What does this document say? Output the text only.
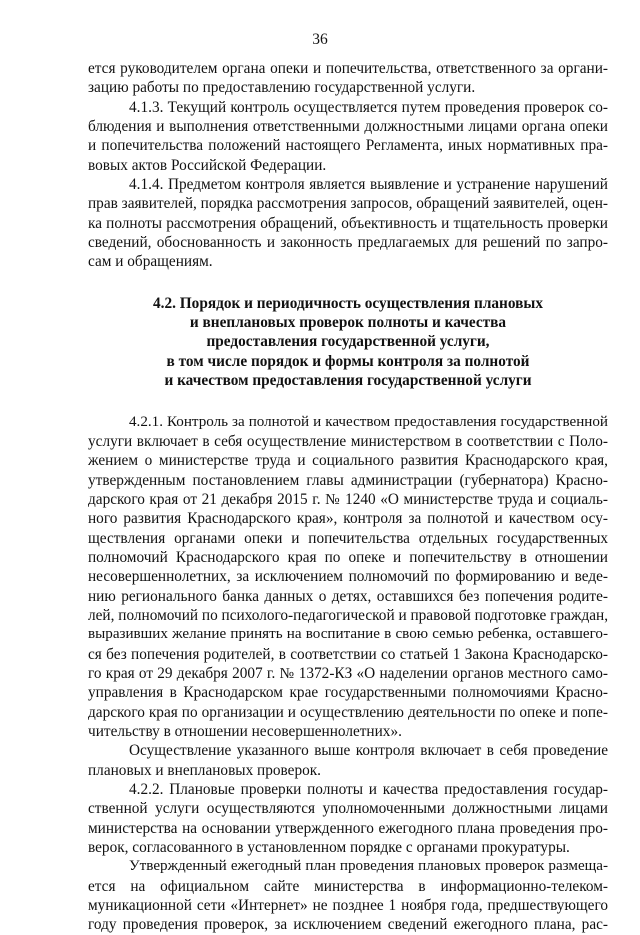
36
ется руководителем органа опеки и попечительства, ответственного за органи-
зацию работы по предоставлению государственной услуги.
4.1.3. Текущий контроль осуществляется путем проведения проверок со-
блюдения и выполнения ответственными должностными лицами органа опеки
и попечительства положений настоящего Регламента, иных нормативных пра-
вовых актов Российской Федерации.
4.1.4. Предметом контроля является выявление и устранение нарушений
прав заявителей, порядка рассмотрения запросов, обращений заявителей, оцен-
ка полноты рассмотрения обращений, объективность и тщательность проверки
сведений, обоснованность и законность предлагаемых для решений по запро-
сам и обращениям.
4.2. Порядок и периодичность осуществления плановых
и внеплановых проверок полноты и качества
предоставления государственной услуги,
в том числе порядок и формы контроля за полнотой
и качеством предоставления государственной услуги
4.2.1. Контроль за полнотой и качеством предоставления государственной
услуги включает в себя осуществление министерством в соответствии с Поло-
жением о министерстве труда и социального развития Краснодарского края,
утвержденным постановлением главы администрации (губернатора) Красно-
дарского края от 21 декабря 2015 г. № 1240 «О министерстве труда и социаль-
ного развития Краснодарского края», контроля за полнотой и качеством осу-
ществления органами опеки и попечительства отдельных государственных
полномочий Краснодарского края по опеке и попечительству в отношении
несовершеннолетних, за исключением полномочий по формированию и веде-
нию регионального банка данных о детях, оставшихся без попечения родите-
лей, полномочий по психолого-педагогической и правовой подготовке граждан,
выразивших желание принять на воспитание в свою семью ребенка, оставшего-
ся без попечения родителей, в соответствии со статьей 1 Закона Краснодарско-
го края от 29 декабря 2007 г. № 1372-КЗ «О наделении органов местного само-
управления в Краснодарском крае государственными полномочиями Красно-
дарского края по организации и осуществлению деятельности по опеке и попе-
чительству в отношении несовершеннолетних».
Осуществление указанного выше контроля включает в себя проведение
плановых и внеплановых проверок.
4.2.2. Плановые проверки полноты и качества предоставления государ-
ственной услуги осуществляются уполномоченными должностными лицами
министерства на основании утвержденного ежегодного плана проведения про-
верок, согласованного в установленном порядке с органами прокуратуры.
Утвержденный ежегодный план проведения плановых проверок размеща-
ется на официальном сайте министерства в информационно-телеком-
муникационной сети «Интернет» не позднее 1 ноября года, предшествующего
году проведения проверок, за исключением сведений ежегодного плана, рас-
